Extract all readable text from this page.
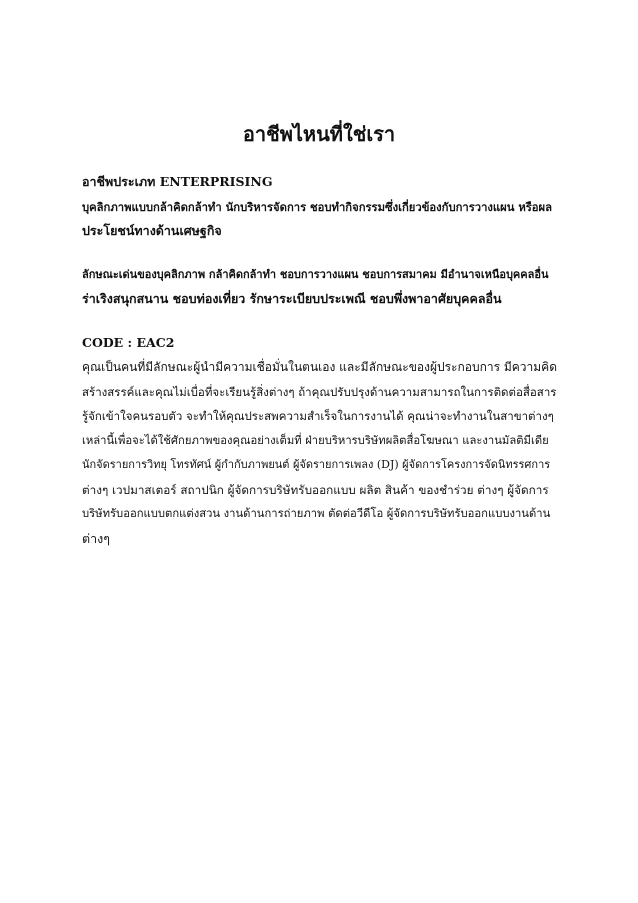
อาชีพไหนที่ใช่เรา
อาชีพประเภท ENTERPRISING
บุคลิกภาพแบบกล้าคิดกล้าทำ นักบริหารจัดการ ชอบทำกิจกรรมซึ่งเกี่ยวข้องกับการวางแผน หรือผล
ประโยชน์ทางด้านเศษฐกิจ
ลักษณะเด่นของบุคลิกภาพ กล้าคิดกล้าทำ ชอบการวางแผน ชอบการสมาคม มีอำนาจเหนือบุคคลอื่น
ร่าเริงสนุกสนาน ชอบท่องเที่ยว รักษาระเบียบประเพณี ชอบพึ่งพาอาศัยบุคคลอื่น
CODE : EAC2
คุณเป็นคนที่มีลักษณะผู้นำมีความเชื่อมั่นในตนเอง และมีลักษณะของผู้ประกอบการ มีความคิด
สร้างสรรค์และคุณไม่เบื่อที่จะเรียนรู้สิ่งต่างๆ ถ้าคุณปรับปรุงด้านความสามารถในการติดต่อสื่อสาร
รู้จักเข้าใจคนรอบตัว จะทำให้คุณประสพความสำเร็จในการงานได้ คุณน่าจะทำงานในสาขาต่างๆ
เหล่านี้เพื่อจะได้ใช้ศักยภาพของคุณอย่างเต็มที่ ฝ่ายบริหารบริษัทผลิตสื่อโฆษณา และงานมัลติมีเดีย
นักจัดรายการวิทยุ โทรทัศน์ ผู้กำกับภาพยนต์ ผู้จัดรายการเพลง (DJ) ผู้จัดการโครงการจัดนิทรรศการ
ต่างๆ เวปมาสเตอร์ สถาปนิก ผู้จัดการบริษัทรับออกแบบ ผลิต สินค้า ของชำร่วย ต่างๆ ผู้จัดการ
บริษัทรับออกแบบตกแต่งสวน งานด้านการถ่ายภาพ ตัดต่อวีดีโอ ผู้จัดการบริษัทรับออกแบบงานด้าน
ต่างๆ
